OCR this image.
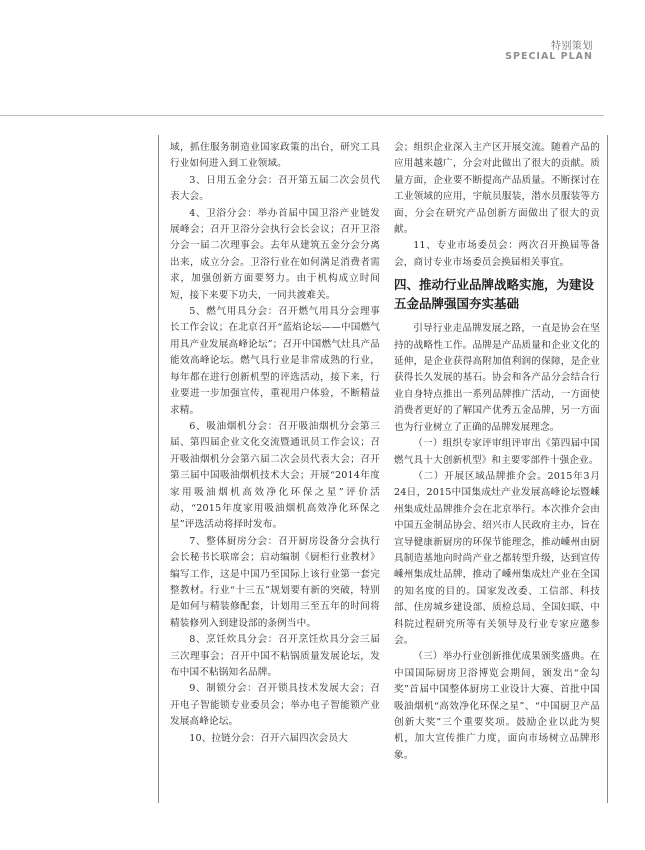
特别策划
SPECIAL PLAN

域，抓住服务制造业国家政策的出台，研究工具行业如何进入到工业领域。

3、日用五金分会：召开第五届二次会员代表大会。

4、卫浴分会：举办首届中国卫浴产业链发展峰会；召开卫浴分会执行会长会议；召开卫浴分会一届二次理事会。去年从建筑五金分会分离出来，成立分会。卫浴行业在如何满足消费者需求，加强创新方面要努力。由于机构成立时间短，接下来要下功夫，一同共渡难关。

5、燃气用具分会：召开燃气用具分会理事长工作会议；在北京召开“蓝焰论坛——中国燃气用具产业发展高峰论坛”；召开中国燃气灶具产品能效高峰论坛。燃气具行业是非常成熟的行业，每年都在进行创新机型的评选活动，接下来，行业要进一步加强宣传，重视用户体验，不断精益求精。

6、吸油烟机分会：召开吸油烟机分会第三届、第四届企业文化交流暨通讯员工作会议；召开吸油烟机分会第六届二次会员代表大会；召开第三届中国吸油烟机技术大会；开展“2014年度家用吸油烟机高效净化环保之星”评价活动，“2015年度家用吸油烟机高效净化环保之星”评选活动将择时发布。

7、整体厨房分会：召开厨房设备分会执行会长秘书长联席会；启动编制《厨柜行业教材》编写工作，这是中国乃至国际上该行业第一套完整教材。行业“十三五”规划要有新的突破，特别是如何与精装修配套，计划用三至五年的时间将精装修列入到建设部的条例当中。

8、烹饪炊具分会：召开烹饪炊具分会三届三次理事会；召开中国不粘锅质量发展论坛，发布中国不粘锅知名品牌。

9、制锁分会：召开锁具技术发展大会；召开电子智能锁专业委员会；举办电子智能锁产业发展高峰论坛。

10、拉链分会：召开六届四次会员大

会；组织企业深入主产区开展交流。随着产品的应用越来越广，分会对此做出了很大的贡献。质量方面，企业要不断提高产品质量。不断探讨在工业领域的应用，宇航员服装，潜水员服装等方面，分会在研究产品创新方面做出了很大的贡献。

11、专业市场委员会：两次召开换届等备会，商讨专业市场委员会换届相关事宜。

四、推动行业品牌战略实施，为建设五金品牌强国夯实基础

引导行业走品牌发展之路，一直是协会在坚持的战略性工作。品牌是产品质量和企业文化的延伸，是企业获得高附加值利润的保障，是企业获得长久发展的基石。协会和各产品分会结合行业自身特点推出一系列品牌推广活动，一方面使消费者更好的了解国产优秀五金品牌，另一方面也为行业树立了正确的品牌发展理念。

（一）组织专家评审组评审出《第四届中国燃气具十大创新机型》和主要零部件十强企业。

（二）开展区域品牌推介会。2015年3月24日，2015中国集成灶产业发展高峰论坛暨嵊州集成灶品牌推介会在北京举行。本次推介会由中国五金制品协会、绍兴市人民政府主办，旨在宣导健康新厨房的环保节能理念，推动嵊州由厨具制造基地向时尚产业之都转型升级，达到宣传嵊州集成灶品牌，推动了嵊州集成灶产业在全国的知名度的目的。国家发改委、工信部、科技部、住房城乡建设部、质检总局、全国妇联、中科院过程研究所等有关领导及行业专家应邀参会。

（三）举办行业创新推优成果颁奖盛典。在中国国际厨房卫浴博览会期间，颁发出“金勾奖”首届中国整体厨房工业设计大赛、首批中国吸油烟机“高效净化环保之星”、“中国厨卫产品创新大奖”三个重要奖项。鼓励企业以此为契机，加大宣传推广力度，面向市场树立品牌形象。
